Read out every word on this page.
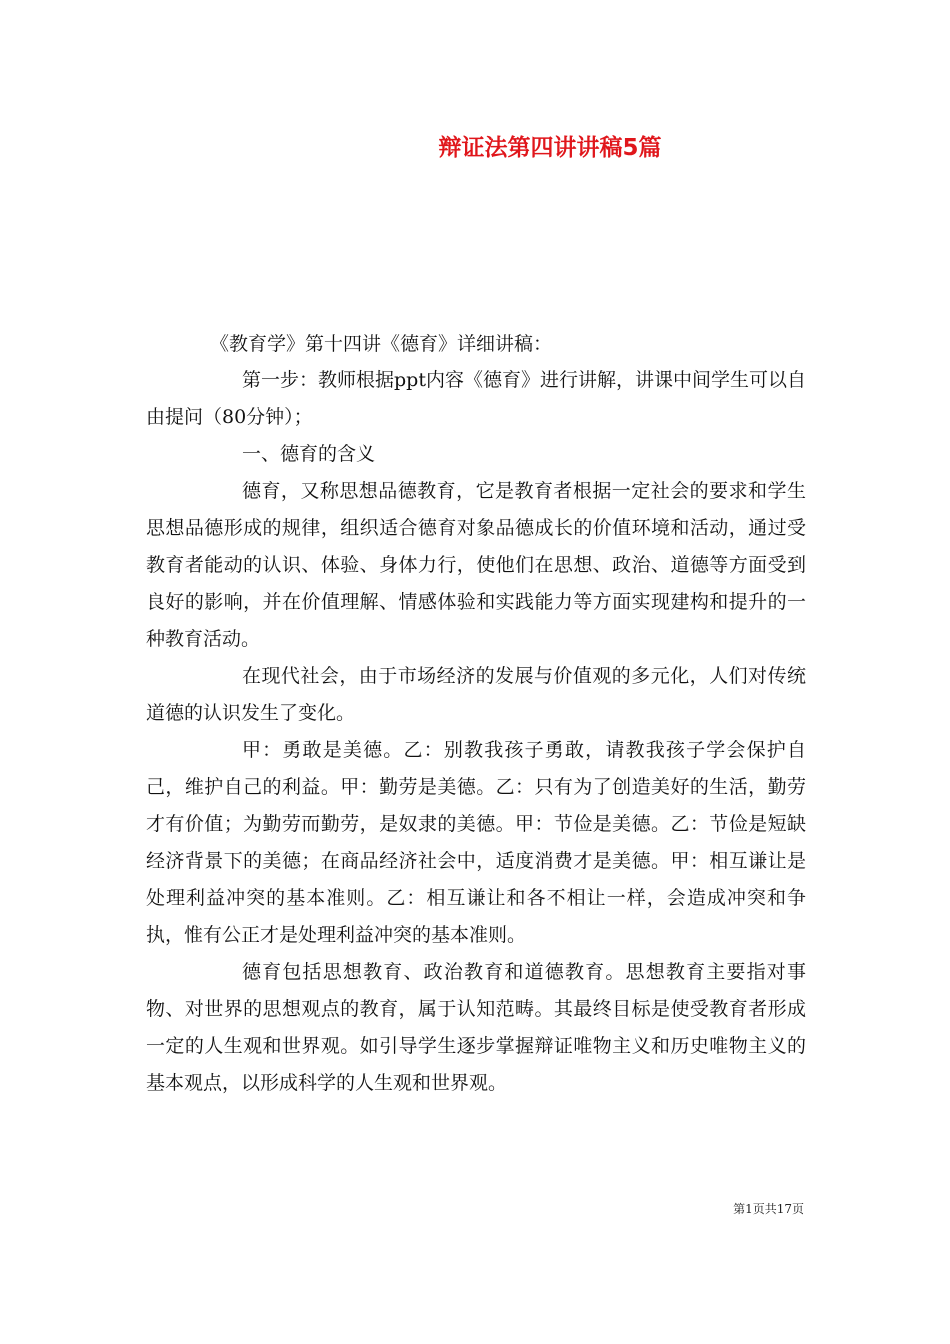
辩证法第四讲讲稿5篇

《教育学》第十四讲《德育》详细讲稿：

第一步：教师根据ppt内容《德育》进行讲解，讲课中间学生可以自由提问（80分钟）；

一、德育的含义

德育，又称思想品德教育，它是教育者根据一定社会的要求和学生思想品德形成的规律，组织适合德育对象品德成长的价值环境和活动，通过受教育者能动的认识、体验、身体力行，使他们在思想、政治、道德等方面受到良好的影响，并在价值理解、情感体验和实践能力等方面实现建构和提升的一种教育活动。

在现代社会，由于市场经济的发展与价值观的多元化，人们对传统道德的认识发生了变化。

甲：勇敢是美德。乙：别教我孩子勇敢，请教我孩子学会保护自己，维护自己的利益。甲：勤劳是美德。乙：只有为了创造美好的生活，勤劳才有价值；为勤劳而勤劳，是奴隶的美德。甲：节俭是美德。乙：节俭是短缺经济背景下的美德；在商品经济社会中，适度消费才是美德。甲：相互谦让是处理利益冲突的基本准则。乙：相互谦让和各不相让一样，会造成冲突和争执，惟有公正才是处理利益冲突的基本准则。

德育包括思想教育、政治教育和道德教育。思想教育主要指对事物、对世界的思想观点的教育，属于认知范畴。其最终目标是使受教育者形成一定的人生观和世界观。如引导学生逐步掌握辩证唯物主义和历史唯物主义的基本观点，以形成科学的人生观和世界观。

第1页共17页
